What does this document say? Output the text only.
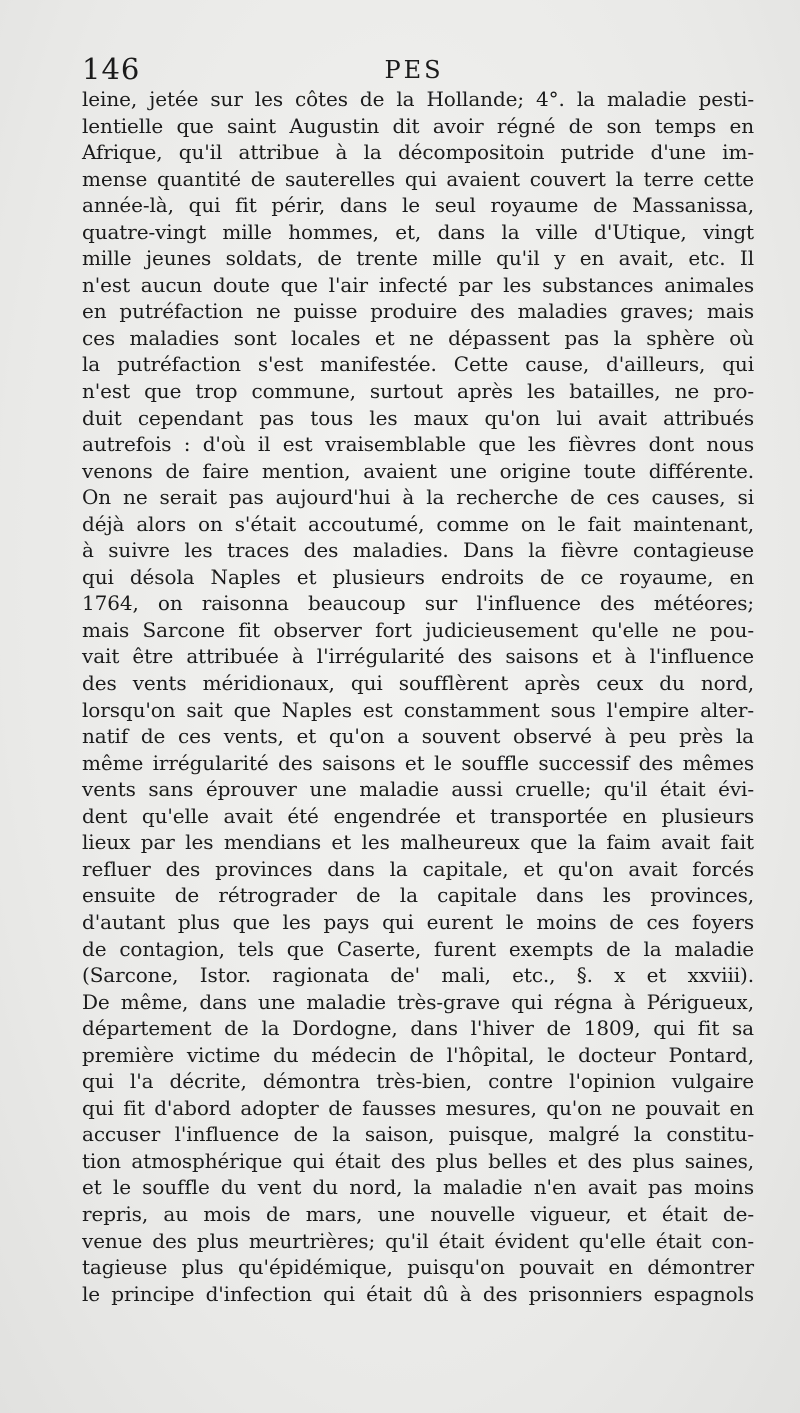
146	PES
leine, jetée sur les côtes de la Hollande; 4°. la maladie pesti-
lentielle que saint Augustin dit avoir régné de son temps en
Afrique, qu'il attribue à la décompositoin putride d'une im-
mense quantité de sauterelles qui avaient couvert la terre cette
année-là, qui fit périr, dans le seul royaume de Massanissa,
quatre-vingt mille hommes, et, dans la ville d'Utique, vingt
mille jeunes soldats, de trente mille qu'il y en avait, etc. Il
n'est aucun doute que l'air infecté par les substances animales
en putréfaction ne puisse produire des maladies graves; mais
ces maladies sont locales et ne dépassent pas la sphère où
la putréfaction s'est manifestée. Cette cause, d'ailleurs, qui
n'est que trop commune, surtout après les batailles, ne pro-
duit cependant pas tous les maux qu'on lui avait attribués
autrefois : d'où il est vraisemblable que les fièvres dont nous
venons de faire mention, avaient une origine toute différente.
On ne serait pas aujourd'hui à la recherche de ces causes, si
déjà alors on s'était accoutumé, comme on le fait maintenant,
à suivre les traces des maladies. Dans la fièvre contagieuse
qui désola Naples et plusieurs endroits de ce royaume, en
1764, on raisonna beaucoup sur l'influence des météores;
mais Sarcone fit observer fort judicieusement qu'elle ne pou-
vait être attribuée à l'irrégularité des saisons et à l'influence
des vents méridionaux, qui soufflèrent après ceux du nord,
lorsqu'on sait que Naples est constamment sous l'empire alter-
natif de ces vents, et qu'on a souvent observé à peu près la
même irrégularité des saisons et le souffle successif des mêmes
vents sans éprouver une maladie aussi cruelle; qu'il était évi-
dent qu'elle avait été engendrée et transportée en plusieurs
lieux par les mendians et les malheureux que la faim avait fait
refluer des provinces dans la capitale, et qu'on avait forcés
ensuite de rétrograder de la capitale dans les provinces,
d'autant plus que les pays qui eurent le moins de ces foyers
de contagion, tels que Caserte, furent exempts de la maladie
(Sarcone, Istor. ragionata de' mali, etc., §. x et xxviii).
De même, dans une maladie très-grave qui régna à Périgueux,
département de la Dordogne, dans l'hiver de 1809, qui fit sa
première victime du médecin de l'hôpital, le docteur Pontard,
qui l'a décrite, démontra très-bien, contre l'opinion vulgaire
qui fit d'abord adopter de fausses mesures, qu'on ne pouvait en
accuser l'influence de la saison, puisque, malgré la constitu-
tion atmosphérique qui était des plus belles et des plus saines,
et le souffle du vent du nord, la maladie n'en avait pas moins
repris, au mois de mars, une nouvelle vigueur, et était de-
venue des plus meurtrières; qu'il était évident qu'elle était con-
tagieuse plus qu'épidémique, puisqu'on pouvait en démontrer
le principe d'infection qui était dû à des prisonniers espagnols
